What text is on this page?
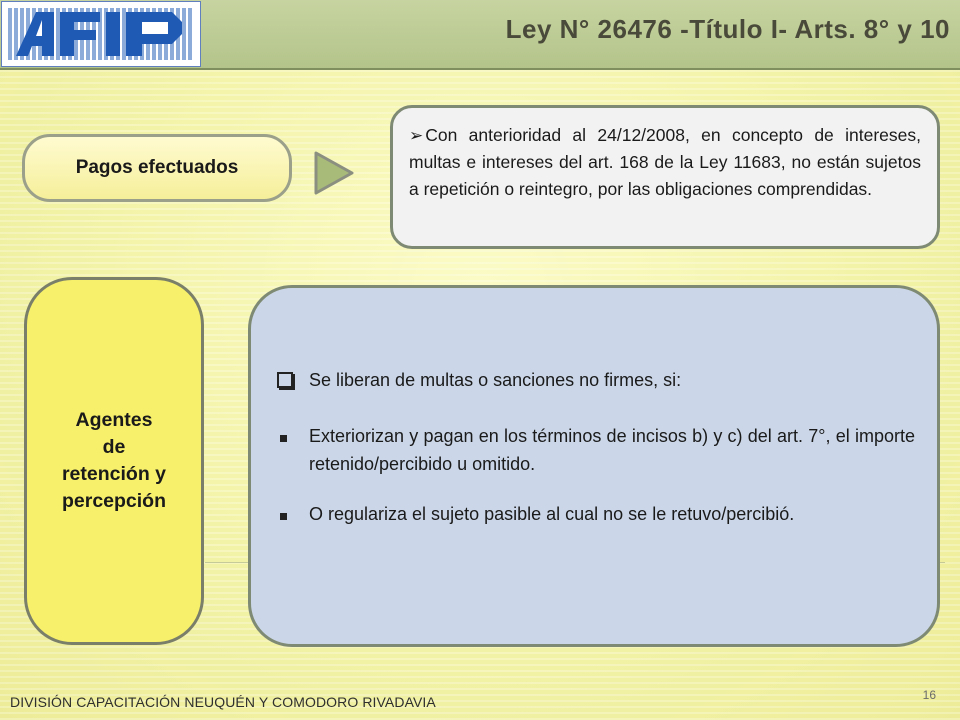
Ley N° 26476 -Título I- Arts. 8° y 10
Pagos efectuados
➢ Con anterioridad al 24/12/2008, en concepto de intereses, multas e intereses del art. 168 de la Ley 11683, no están sujetos a repetición o reintegro, por las obligaciones comprendidas.
Agentes
de
retención y
percepción
Se liberan de multas o sanciones no firmes, si:
Exteriorizan y pagan en los términos de incisos b) y c) del art. 7°, el importe retenido/percibido u omitido.
O regulariza el sujeto pasible al cual no se le retuvo/percibió.
DIVISIÓN CAPACITACIÓN NEUQUÉN Y COMODORO RIVADAVIA	16
